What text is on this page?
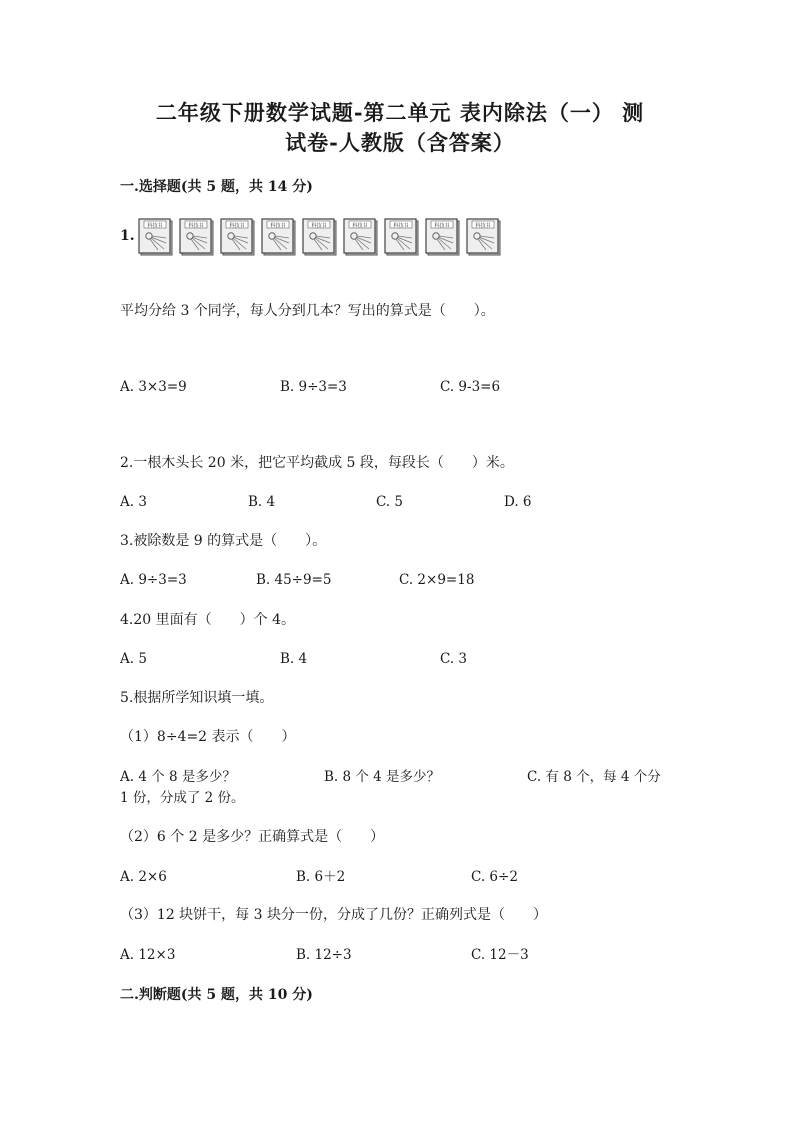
二年级下册数学试题-第二单元 表内除法（一） 测
试卷-人教版（含答案）
一.选择题(共 5 题，共 14 分)
1.
科技书	科技书	科技书	科技书	科技书	科技书	科技书	科技书	科技书
平均分给 3 个同学，每人分到几本？写出的算式是（　　）。
A. 3×3=9	B. 9÷3=3	C. 9-3=6
2.一根木头长 20 米，把它平均截成 5 段，每段长（　　）米。
A. 3	B. 4	C. 5	D. 6
3.被除数是 9 的算式是（　　）。
A. 9÷3=3	B. 45÷9=5	C. 2×9=18
4.20 里面有（　　）个 4。
A. 5	B. 4	C. 3
5.根据所学知识填一填。
（1）8÷4=2 表示（　　）
A. 4 个 8 是多少？	B. 8 个 4 是多少？	C. 有 8 个，每 4 个分
1 份，分成了 2 份。
（2）6 个 2 是多少？正确算式是（　　）
A. 2×6	B. 6＋2	C. 6÷2
（3）12 块饼干，每 3 块分一份，分成了几份？正确列式是（　　）
A. 12×3	B. 12÷3	C. 12－3
二.判断题(共 5 题，共 10 分)
